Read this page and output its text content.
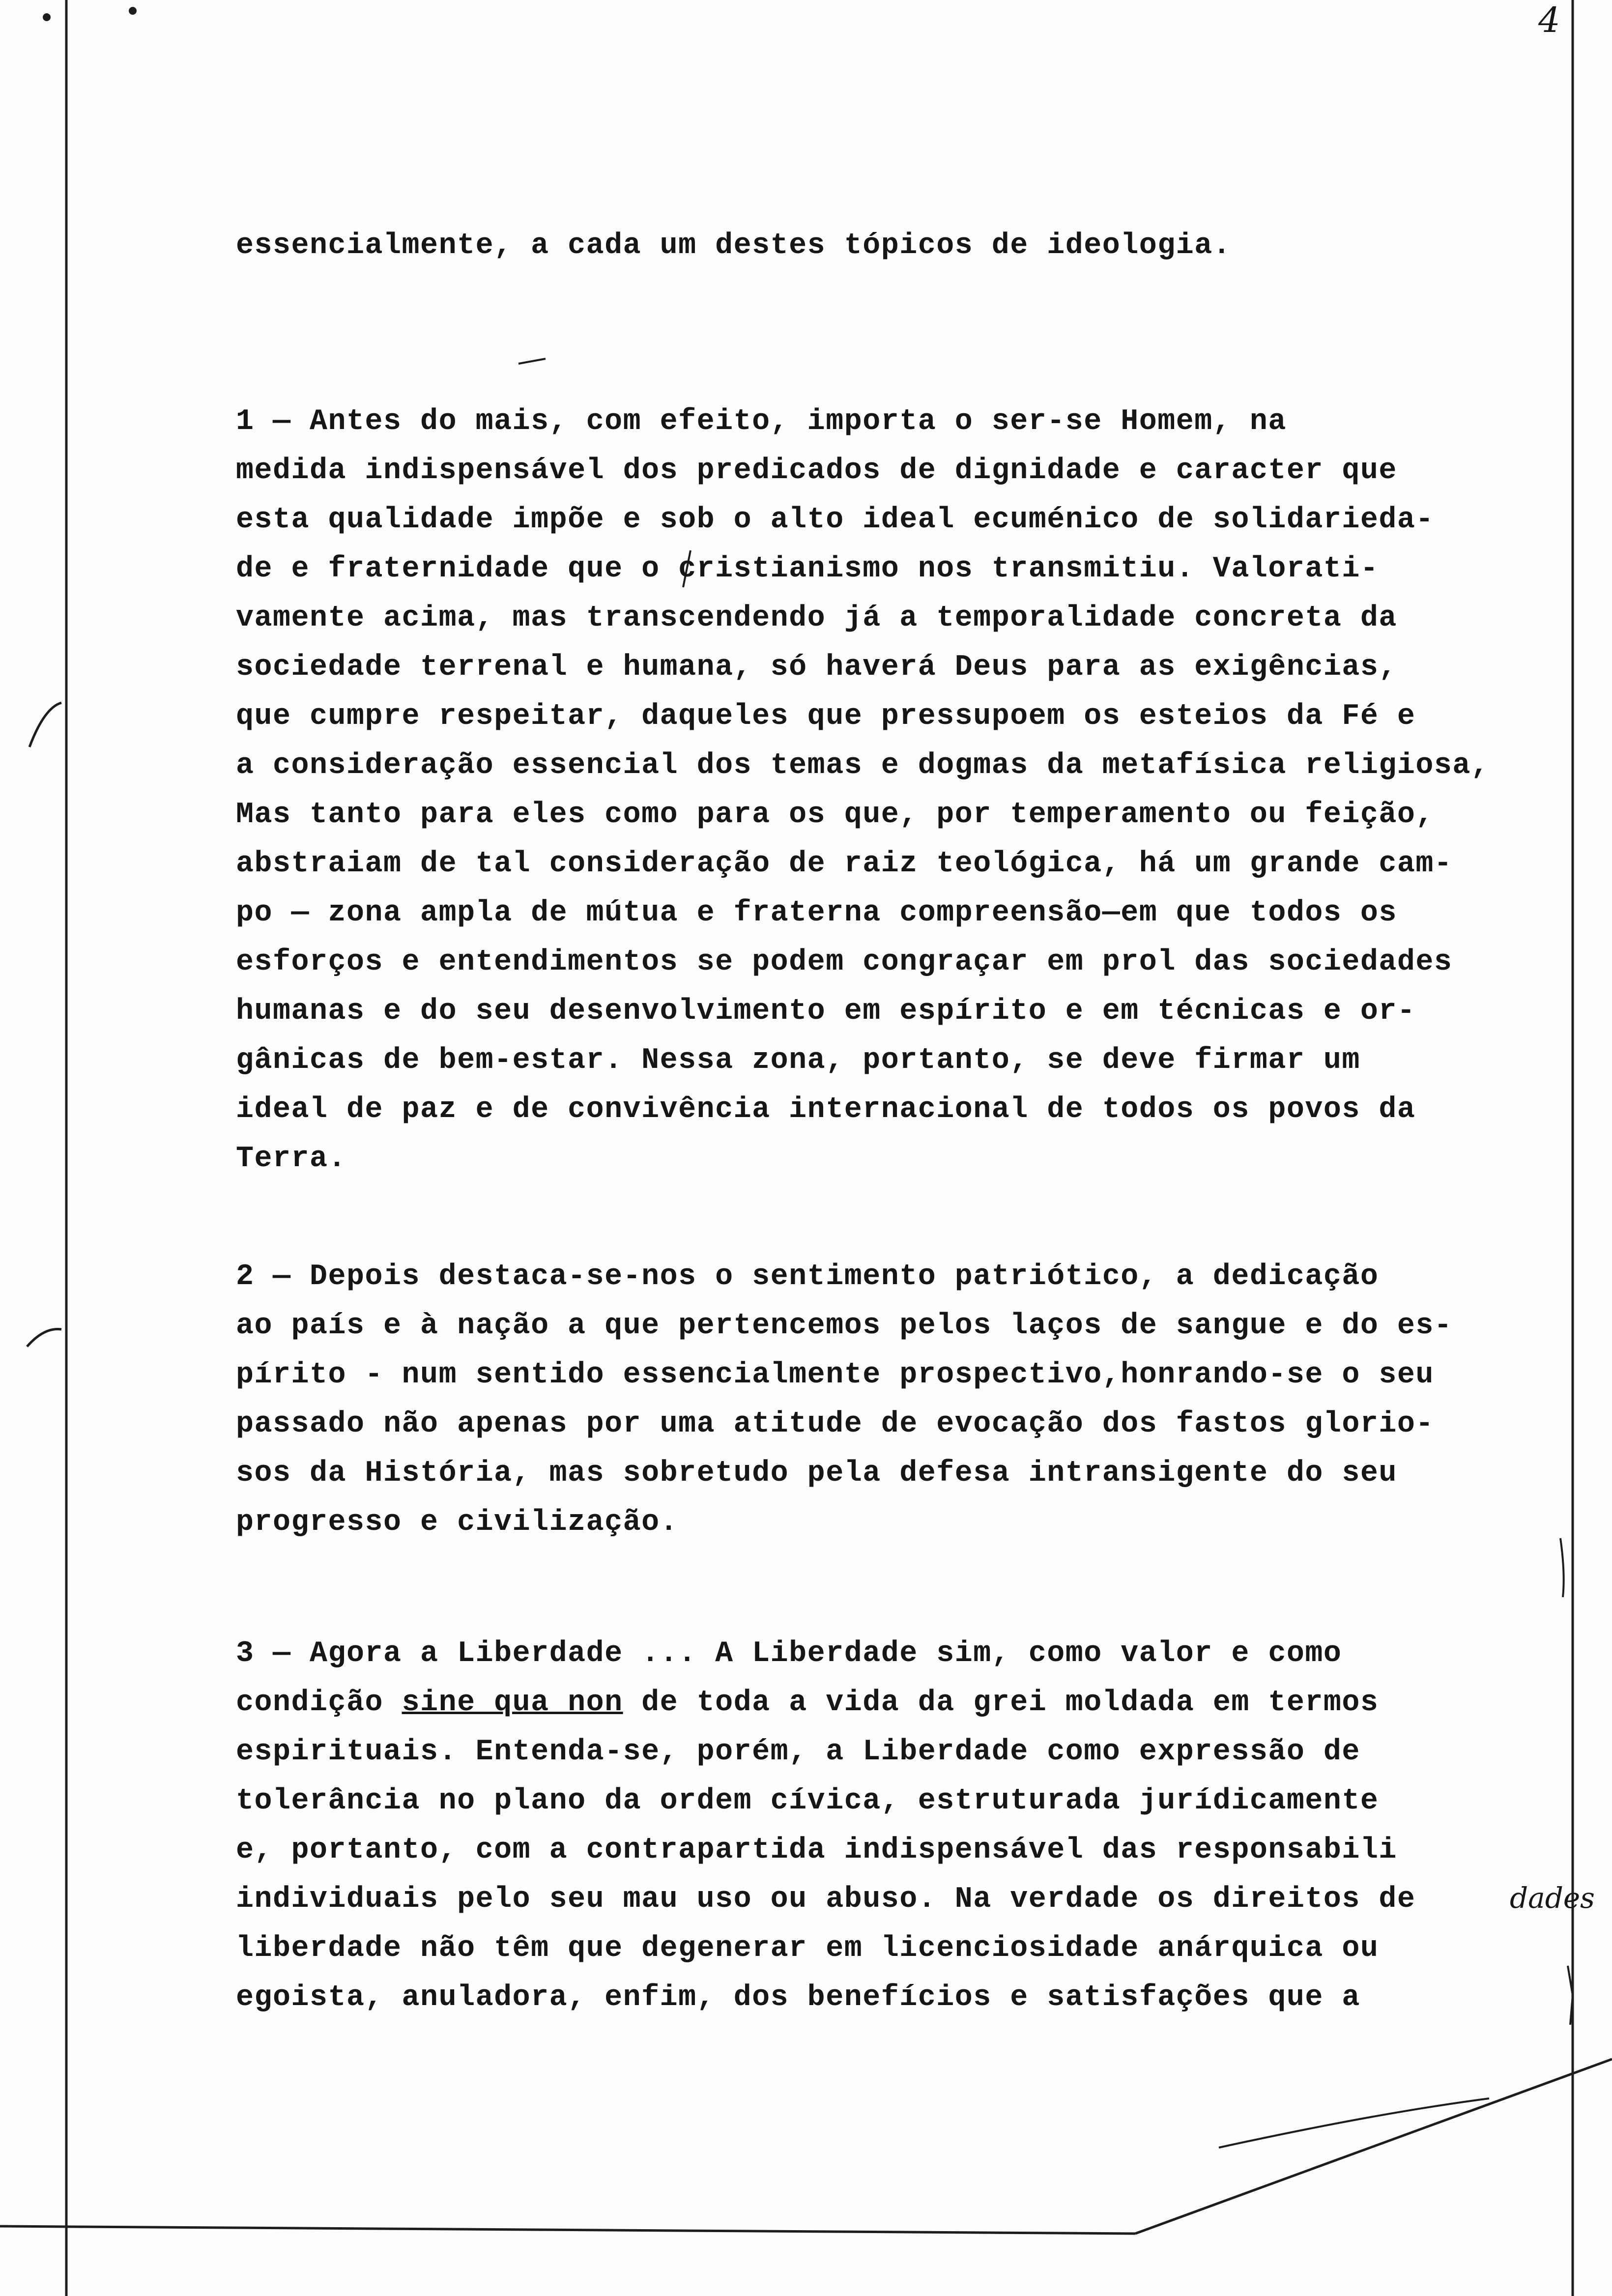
4

essencialmente, a cada um destes tópicos de ideologia.

1 — Antes do mais, com efeito, importa o ser-se Homem, na

medida indispensável dos predicados de dignidade e caracter que

esta qualidade impõe e sob o alto ideal ecuménico de solidarieda-

de e fraternidade que o cristianismo nos transmitiu. Valorati-

vamente acima, mas transcendendo já a temporalidade concreta da

sociedade terrenal e humana, só haverá Deus para as exigências,

que cumpre respeitar, daqueles que pressupoem os esteios da Fé e

a consideração essencial dos temas e dogmas da metafísica religiosa,

Mas tanto para eles como para os que, por temperamento ou feição,

abstraiam de tal consideração de raiz teológica, há um grande cam-

po — zona ampla de mútua e fraterna compreensão—em que todos os

esforços e entendimentos se podem congraçar em prol das sociedades

humanas e do seu desenvolvimento em espírito e em técnicas e or-

gânicas de bem-estar. Nessa zona, portanto, se deve firmar um

ideal de paz e de convivência internacional de todos os povos da

Terra.

2 — Depois destaca-se-nos o sentimento patriótico, a dedicação

ao país e à nação a que pertencemos pelos laços de sangue e do es-

pírito - num sentido essencialmente prospectivo,honrando-se o seu

passado não apenas por uma atitude de evocação dos fastos glorio-

sos da História, mas sobretudo pela defesa intransigente do seu

progresso e civilização.

3 — Agora a Liberdade ... A Liberdade sim, como valor e como

condição sine qua non de toda a vida da grei moldada em termos

espirituais. Entenda-se, porém, a Liberdade como expressão de

tolerância no plano da ordem cívica, estruturada jurídicamente

e, portanto, com a contrapartida indispensável das responsabili

individuais pelo seu mau uso ou abuso. Na verdade os direitos de

liberdade não têm que degenerar em licenciosidade anárquica ou

egoista, anuladora, enfim, dos benefícios e satisfações que a

dades
